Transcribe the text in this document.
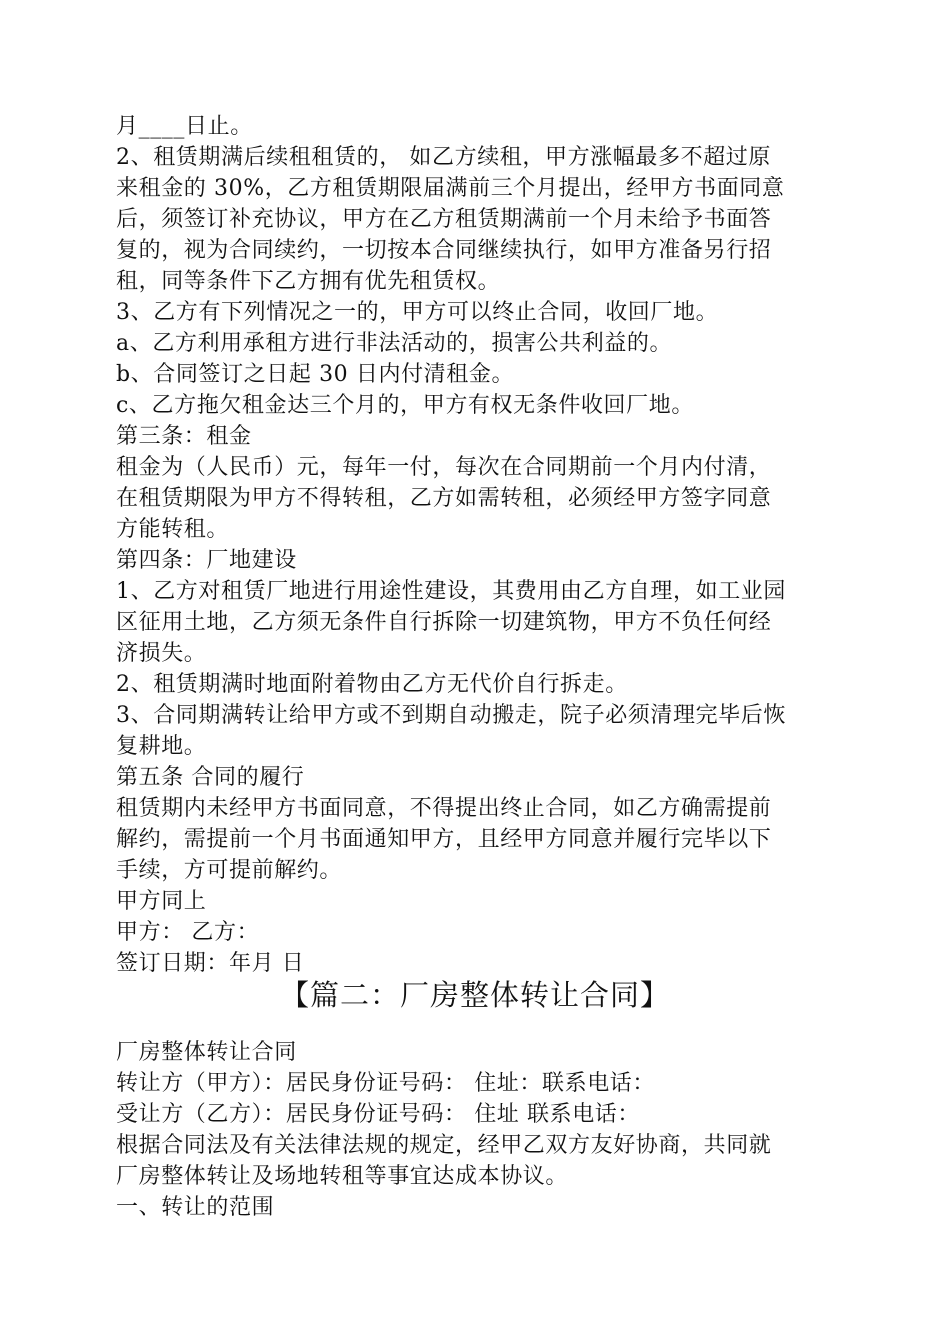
月____日止。
2、租赁期满后续租租赁的， 如乙方续租，甲方涨幅最多不超过原
来租金的 30%，乙方租赁期限届满前三个月提出，经甲方书面同意
后，须签订补充协议，甲方在乙方租赁期满前一个月未给予书面答
复的，视为合同续约，一切按本合同继续执行，如甲方准备另行招
租，同等条件下乙方拥有优先租赁权。
3、乙方有下列情况之一的，甲方可以终止合同，收回厂地。
a、乙方利用承租方进行非法活动的，损害公共利益的。
b、合同签订之日起 30 日内付清租金。
c、乙方拖欠租金达三个月的，甲方有权无条件收回厂地。
第三条：租金
租金为（人民币）元，每年一付，每次在合同期前一个月内付清，
在租赁期限为甲方不得转租，乙方如需转租，必须经甲方签字同意
方能转租。
第四条：厂地建设
1、乙方对租赁厂地进行用途性建设，其费用由乙方自理，如工业园
区征用土地，乙方须无条件自行拆除一切建筑物，甲方不负任何经
济损失。
2、租赁期满时地面附着物由乙方无代价自行拆走。
3、合同期满转让给甲方或不到期自动搬走，院子必须清理完毕后恢
复耕地。
第五条 合同的履行
租赁期内未经甲方书面同意，不得提出终止合同，如乙方确需提前
解约，需提前一个月书面通知甲方，且经甲方同意并履行完毕以下
手续，方可提前解约。
甲方同上
甲方： 乙方：
签订日期：年月 日
【篇二：厂房整体转让合同】
厂房整体转让合同
转让方（甲方）：居民身份证号码： 住址：联系电话：
受让方（乙方）：居民身份证号码： 住址 联系电话：
根据合同法及有关法律法规的规定，经甲乙双方友好协商，共同就
厂房整体转让及场地转租等事宜达成本协议。
一、转让的范围
